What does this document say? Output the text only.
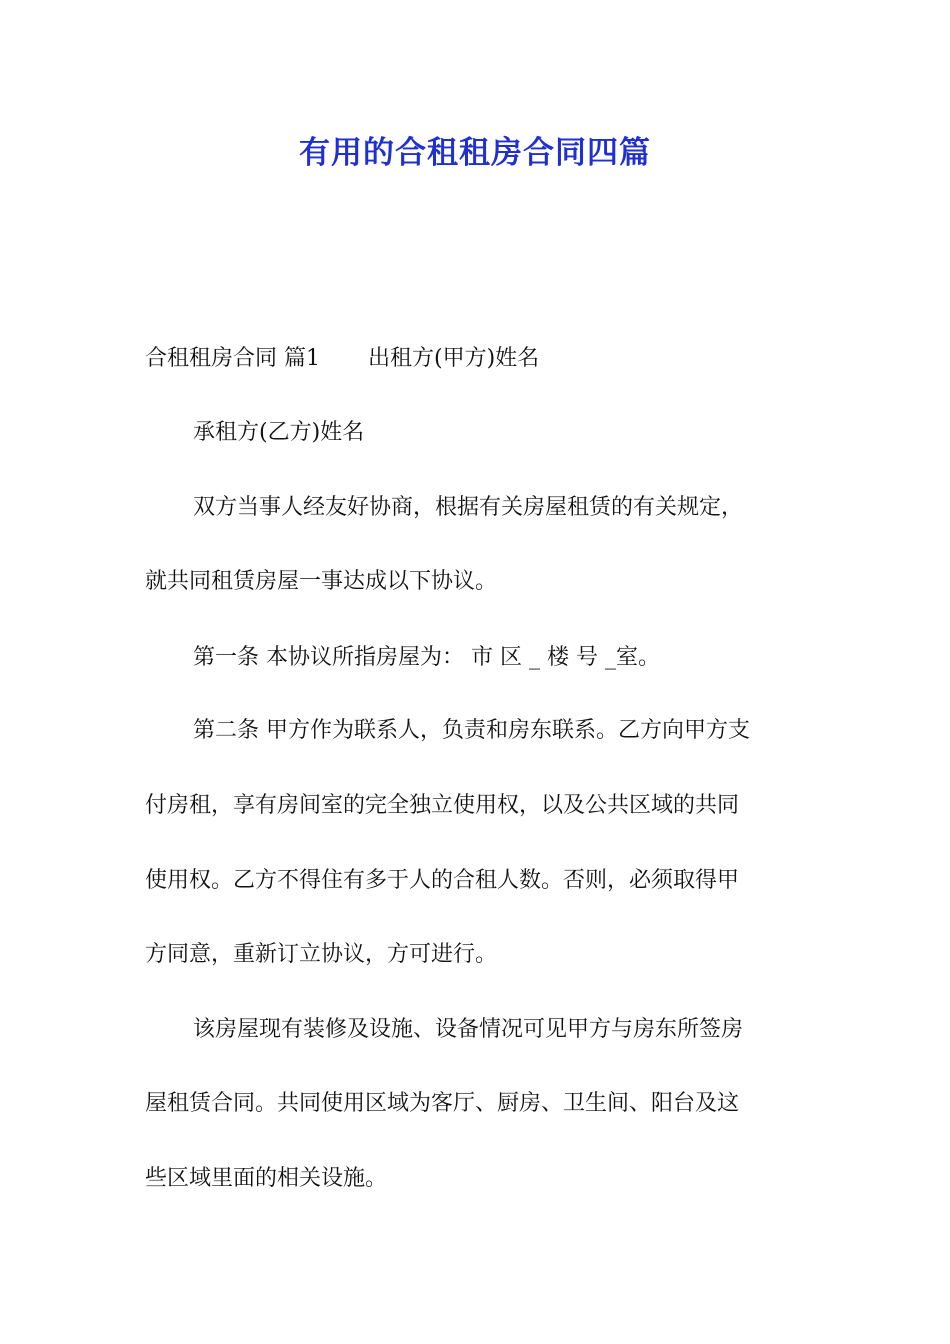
有用的合租租房合同四篇
合租租房合同 篇1 出租方(甲方)姓名
承租方(乙方)姓名
双方当事人经友好协商，根据有关房屋租赁的有关规定，
就共同租赁房屋一事达成以下协议。
第一条 本协议所指房屋为： 市 区 _ 楼 号 _室。
第二条 甲方作为联系人，负责和房东联系。乙方向甲方支
付房租，享有房间室的完全独立使用权，以及公共区域的共同
使用权。乙方不得住有多于人的合租人数。否则，必须取得甲
方同意，重新订立协议，方可进行。
该房屋现有装修及设施、设备情况可见甲方与房东所签房
屋租赁合同。共同使用区域为客厅、厨房、卫生间、阳台及这
些区域里面的相关设施。
